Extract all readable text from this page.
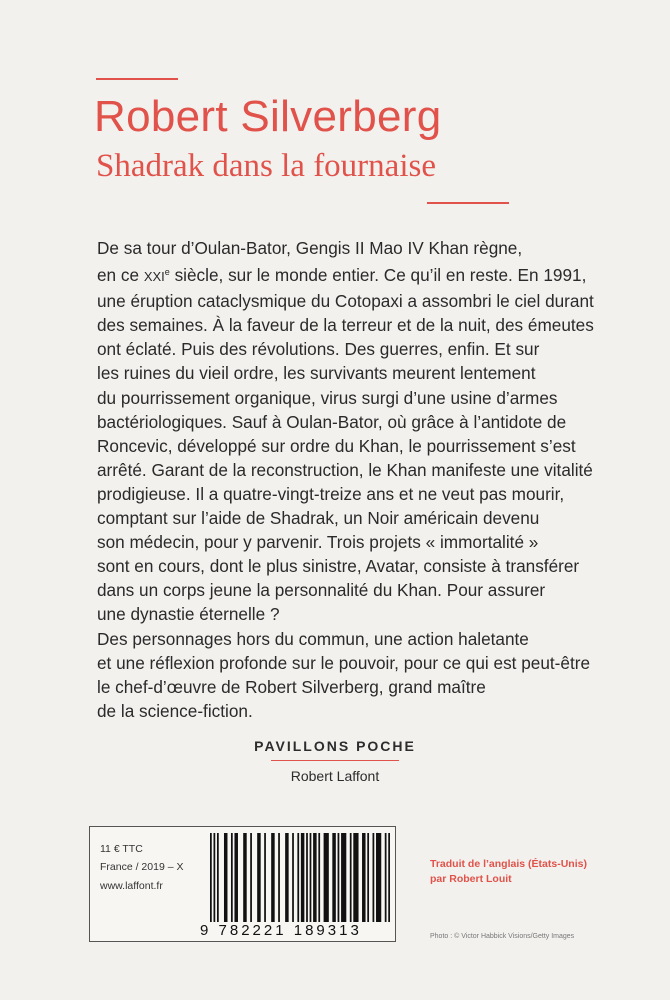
Robert Silverberg
Shadrak dans la fournaise
De sa tour d’Oulan-Bator, Gengis II Mao IV Khan règne,
en ce XXIe siècle, sur le monde entier. Ce qu’il en reste. En 1991,
une éruption cataclysmique du Cotopaxi a assombri le ciel durant
des semaines. À la faveur de la terreur et de la nuit, des émeutes
ont éclaté. Puis des révolutions. Des guerres, enfin. Et sur
les ruines du vieil ordre, les survivants meurent lentement
du pourrissement organique, virus surgi d’une usine d’armes
bactériologiques. Sauf à Oulan-Bator, où grâce à l’antidote de
Roncevic, développé sur ordre du Khan, le pourrissement s’est
arrêté. Garant de la reconstruction, le Khan manifeste une vitalité
prodigieuse. Il a quatre-vingt-treize ans et ne veut pas mourir,
comptant sur l’aide de Shadrak, un Noir américain devenu
son médecin, pour y parvenir. Trois projets « immortalité »
sont en cours, dont le plus sinistre, Avatar, consiste à transférer
dans un corps jeune la personnalité du Khan. Pour assurer
une dynastie éternelle ?
Des personnages hors du commun, une action haletante
et une réflexion profonde sur le pouvoir, pour ce qui est peut-être
le chef-d’œuvre de Robert Silverberg, grand maître
de la science-fiction.
PAVILLONS POCHE
Robert Laffont
11 € TTC
France / 2019 – X
www.laffont.fr
9 782221 189313
Traduit de l’anglais (États-Unis)
par Robert Louit
Photo : © Victor Habbick Visions/Getty Images
